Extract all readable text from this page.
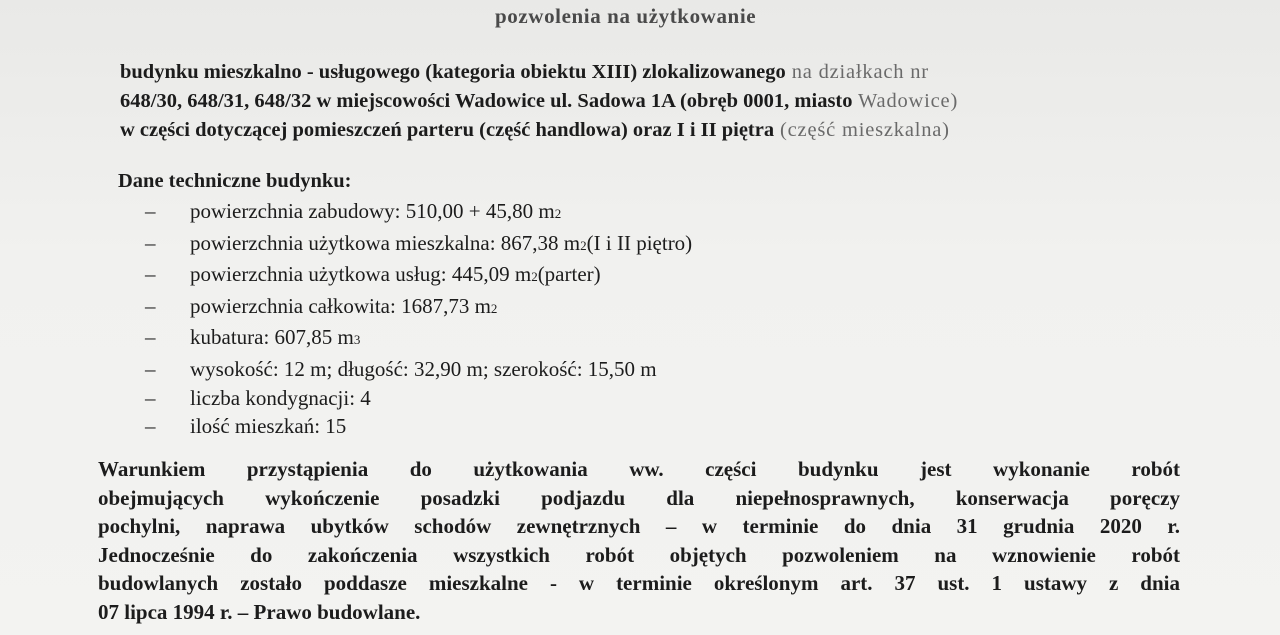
pozwolenia na użytkowanie
budynku mieszkalno - usługowego (kategoria obiektu XIII) zlokalizowanego na działkach nr
648/30, 648/31, 648/32 w miejscowości Wadowice ul. Sadowa 1A (obręb 0001, miasto Wadowice)
w części dotyczącej pomieszczeń parteru (część handlowa) oraz I i II piętra (część mieszkalna)
Dane techniczne budynku:
–	powierzchnia zabudowy: 510,00 + 45,80 m 2
–	powierzchnia użytkowa mieszkalna: 867,38 m 2 (I i II piętro)
–	powierzchnia użytkowa usług: 445,09 m 2 (parter)
–	powierzchnia całkowita: 1687,73 m 2
–	kubatura: 607,85 m 3
–	wysokość: 12 m; długość: 32,90 m; szerokość: 15,50 m
–	liczba kondygnacji: 4
–	ilość mieszkań: 15
Warunkiem przystąpienia do użytkowania ww. części budynku jest wykonanie robót
obejmujących wykończenie posadzki podjazdu dla niepełnosprawnych, konserwacja poręczy
pochylni, naprawa ubytków schodów zewnętrznych – w terminie do dnia 31 grudnia 2020 r.
Jednocześnie do zakończenia wszystkich robót objętych pozwoleniem na wznowienie robót
budowlanych zostało poddasze mieszkalne - w terminie określonym art. 37 ust. 1 ustawy z dnia
07 lipca 1994 r. – Prawo budowlane.
